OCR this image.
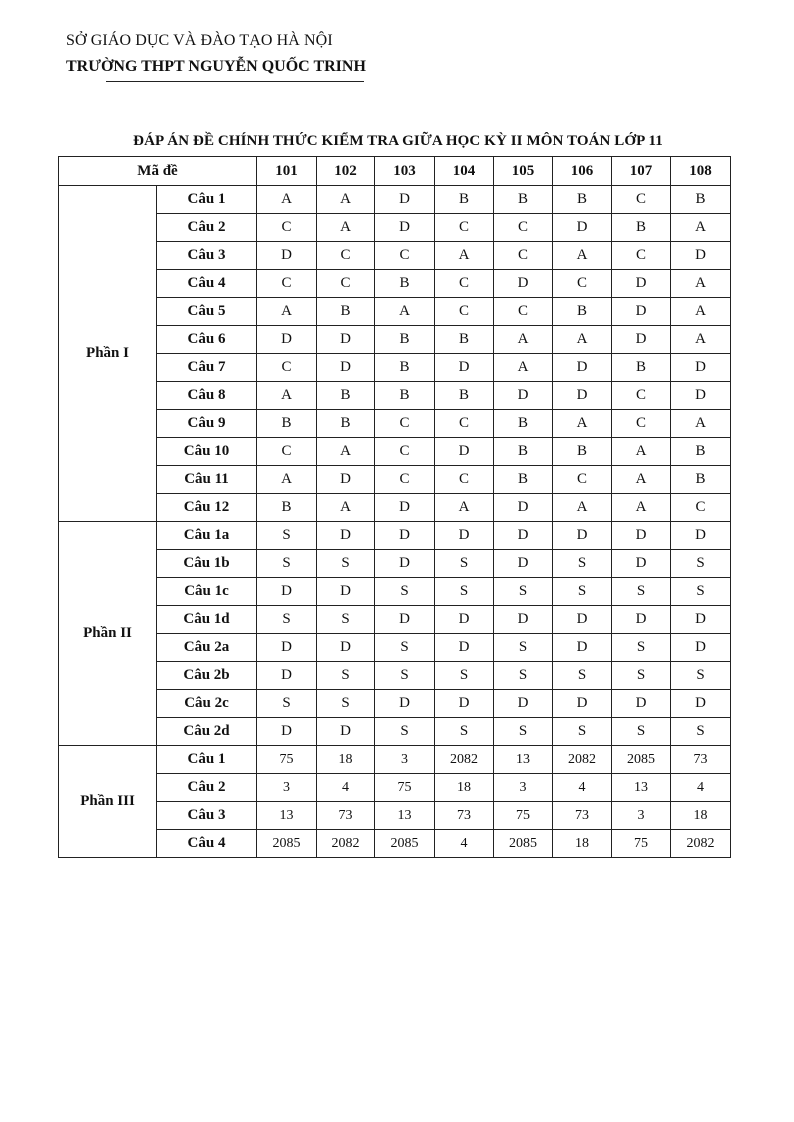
SỞ GIÁO DỤC VÀ ĐÀO TẠO HÀ NỘI
TRƯỜNG THPT NGUYỄN QUỐC TRINH
ĐÁP ÁN ĐỀ CHÍNH THỨC KIỂM TRA GIỮA HỌC KỲ II MÔN TOÁN LỚP 11
Mã đề		101	102	103	104	105	106	107	108
Phần I	Câu 1	A	A	D	B	B	B	C	B
	Câu 2	C	A	D	C	C	D	B	A
	Câu 3	D	C	C	A	C	A	C	D
	Câu 4	C	C	B	C	D	C	D	A
	Câu 5	A	B	A	C	C	B	D	A
	Câu 6	D	D	B	B	A	A	D	A
	Câu 7	C	D	B	D	A	D	B	D
	Câu 8	A	B	B	B	D	D	C	D
	Câu 9	B	B	C	C	B	A	C	A
	Câu 10	C	A	C	D	B	B	A	B
	Câu 11	A	D	C	C	B	C	A	B
	Câu 12	B	A	D	A	D	A	A	C
Phần II	Câu 1a	S	D	D	D	D	D	D	D
	Câu 1b	S	S	D	S	D	S	D	S
	Câu 1c	D	D	S	S	S	S	S	S
	Câu 1d	S	S	D	D	D	D	D	D
	Câu 2a	D	D	S	D	S	D	S	D
	Câu 2b	D	S	S	S	S	S	S	S
	Câu 2c	S	S	D	D	D	D	D	D
	Câu 2d	D	D	S	S	S	S	S	S
Phần III	Câu 1	75	18	3	2082	13	2082	2085	73
	Câu 2	3	4	75	18	3	4	13	4
	Câu 3	13	73	13	73	75	73	3	18
	Câu 4	2085	2082	2085	4	2085	18	75	2082
